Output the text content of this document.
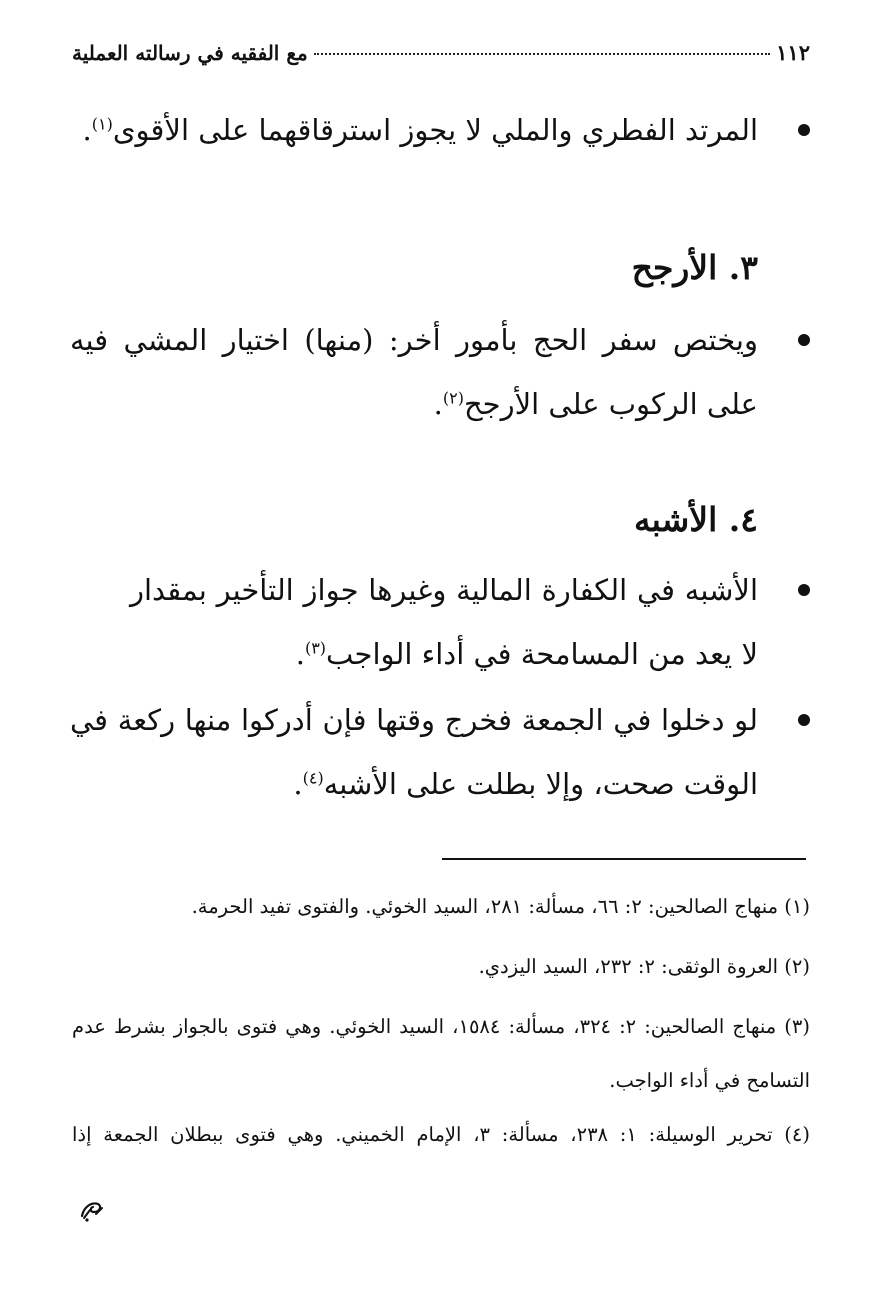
١١٢
مع الفقيه في رسالته العملية
المرتد الفطري والملي لا يجوز استرقاقهما على الأقوى$^{(١)}$.
٣. الأرجح
ويختص سفر الحج بأمور أخر: (منها) اختيار المشي فيه على الركوب على الأرجح$^{(٢)}$.
٤. الأشبه
الأشبه في الكفارة المالية وغيرها جواز التأخير بمقدار لا يعد من المسامحة في أداء الواجب$^{(٣)}$.
لو دخلوا في الجمعة فخرج وقتها فإن أدركوا منها ركعة في الوقت صحت، وإلا بطلت على الأشبه$^{(٤)}$.
(١) منهاج الصالحين: ٢: ٦٦، مسألة: ٢٨١، السيد الخوئي. والفتوى تفيد الحرمة.
(٢) العروة الوثقى: ٢: ٢٣٢، السيد اليزدي.
(٣) منهاج الصالحين: ٢: ٣٢٤، مسألة: ١٥٨٤، السيد الخوئي. وهي فتوى بالجواز بشرط عدم التسامح في أداء الواجب.
(٤) تحرير الوسيلة: ١: ٢٣٨، مسألة: ٣، الإمام الخميني. وهي فتوى ببطلان الجمعة إذا
